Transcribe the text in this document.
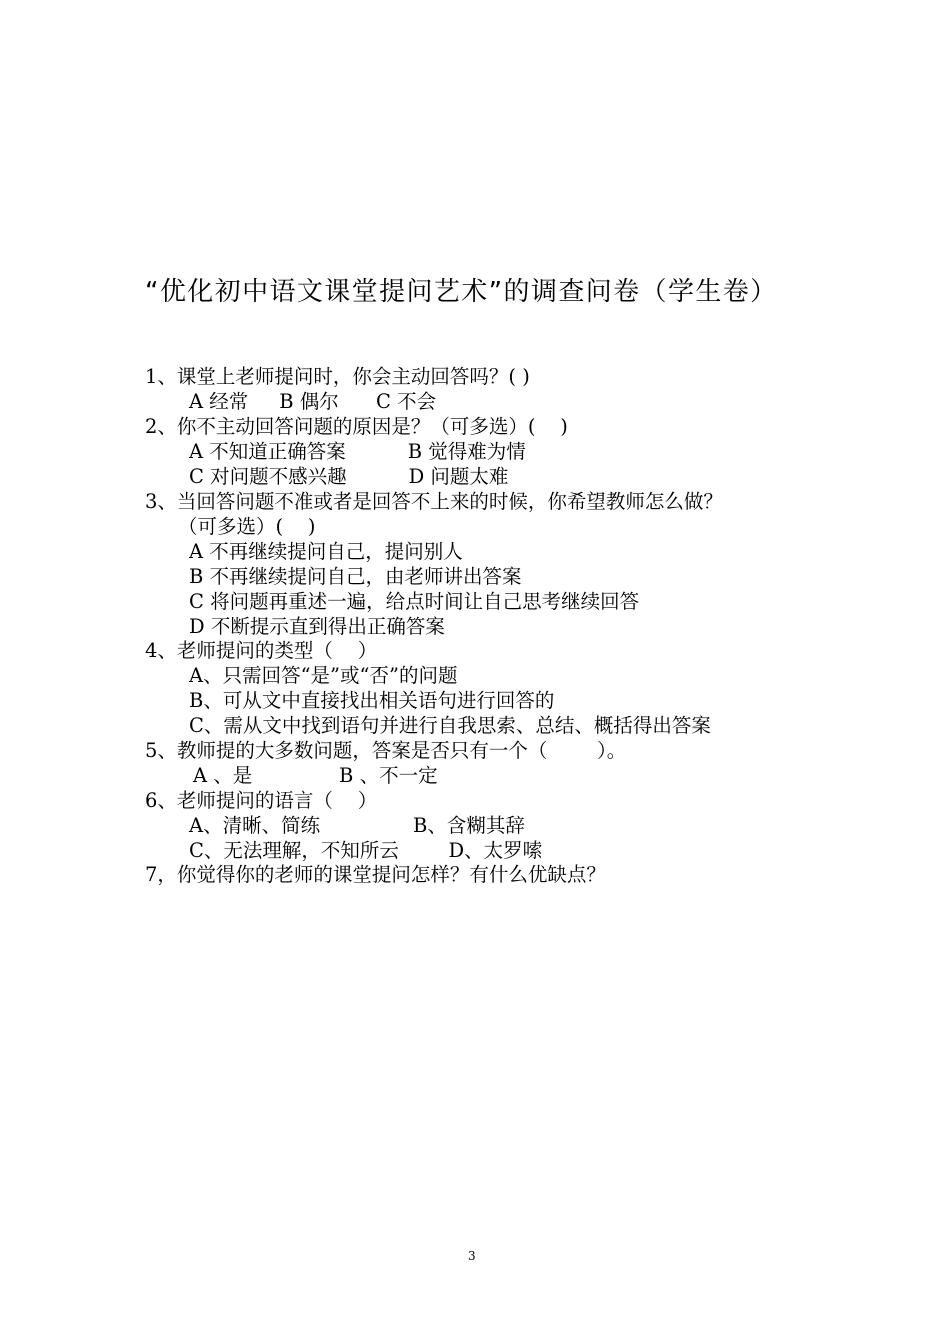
“优化初中语文课堂提问艺术”的调查问卷（学生卷）
1、课堂上老师提问时，你会主动回答吗？( )
A 经常     B 偶尔      C 不会
2、你不主动回答问题的原因是？（可多选）(    )
A 不知道正确答案          B 觉得难为情
C 对问题不感兴趣          D 问题太难
3、当回答问题不准或者是回答不上来的时候，你希望教师怎么做？
（可多选）(    )
A 不再继续提问自己，提问别人
B 不再继续提问自己，由老师讲出答案
C 将问题再重述一遍，给点时间让自己思考继续回答
D 不断提示直到得出正确答案
4、老师提问的类型（    ）
A、只需回答“是”或“否”的问题
B、可从文中直接找出相关语句进行回答的
C、需从文中找到语句并进行自我思索、总结、概括得出答案
5、教师提的大多数问题，答案是否只有一个（        ）。
A 、是              B 、不一定
6、老师提问的语言（    ）
A、清晰、简练               B、含糊其辞
C、无法理解，不知所云        D、太罗嗦
7，你觉得你的老师的课堂提问怎样？有什么优缺点？
3
